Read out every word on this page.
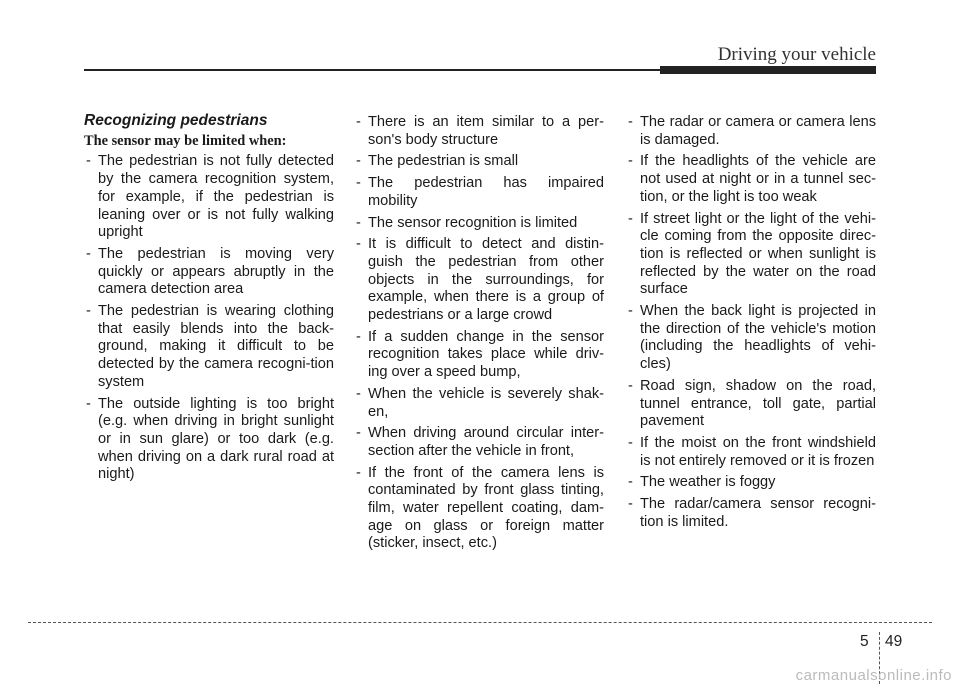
Driving your vehicle
Recognizing pedestrians
The sensor may be limited when:
- The pedestrian is not fully detected by the camera recognition system, for example, if the pedestrian is leaning over or is not fully walking upright
- The pedestrian is moving very quickly or appears abruptly in the camera detection area
- The pedestrian is wearing clothing that easily blends into the back-ground, making it difficult to be detected by the camera recogni-tion system
- The outside lighting is too bright (e.g. when driving in bright sunlight or in sun glare) or too dark (e.g. when driving on a dark rural road at night)
- There is an item similar to a per-son's body structure
- The pedestrian is small
- The pedestrian has impaired mobility
- The sensor recognition is limited
- It is difficult to detect and distin-guish the pedestrian from other objects in the surroundings, for example, when there is a group of pedestrians or a large crowd
- If a sudden change in the sensor recognition takes place while driv-ing over a speed bump,
- When the vehicle is severely shak-en,
- When driving around circular inter-section after the vehicle in front,
- If the front of the camera lens is contaminated by front glass tinting, film, water repellent coating, dam-age on glass or foreign matter (sticker, insect, etc.)
- The radar or camera or camera lens is damaged.
- If the headlights of the vehicle are not used at night or in a tunnel sec-tion, or the light is too weak
- If street light or the light of the vehi-cle coming from the opposite direc-tion is reflected or when sunlight is reflected by the water on the road surface
- When the back light is projected in the direction of the vehicle's motion (including the headlights of vehi-cles)
- Road sign, shadow on the road, tunnel entrance, toll gate, partial pavement
- If the moist on the front windshield is not entirely removed or it is frozen
- The weather is foggy
- The radar/camera sensor recogni-tion is limited.
5 49
carmanualsonline.info
